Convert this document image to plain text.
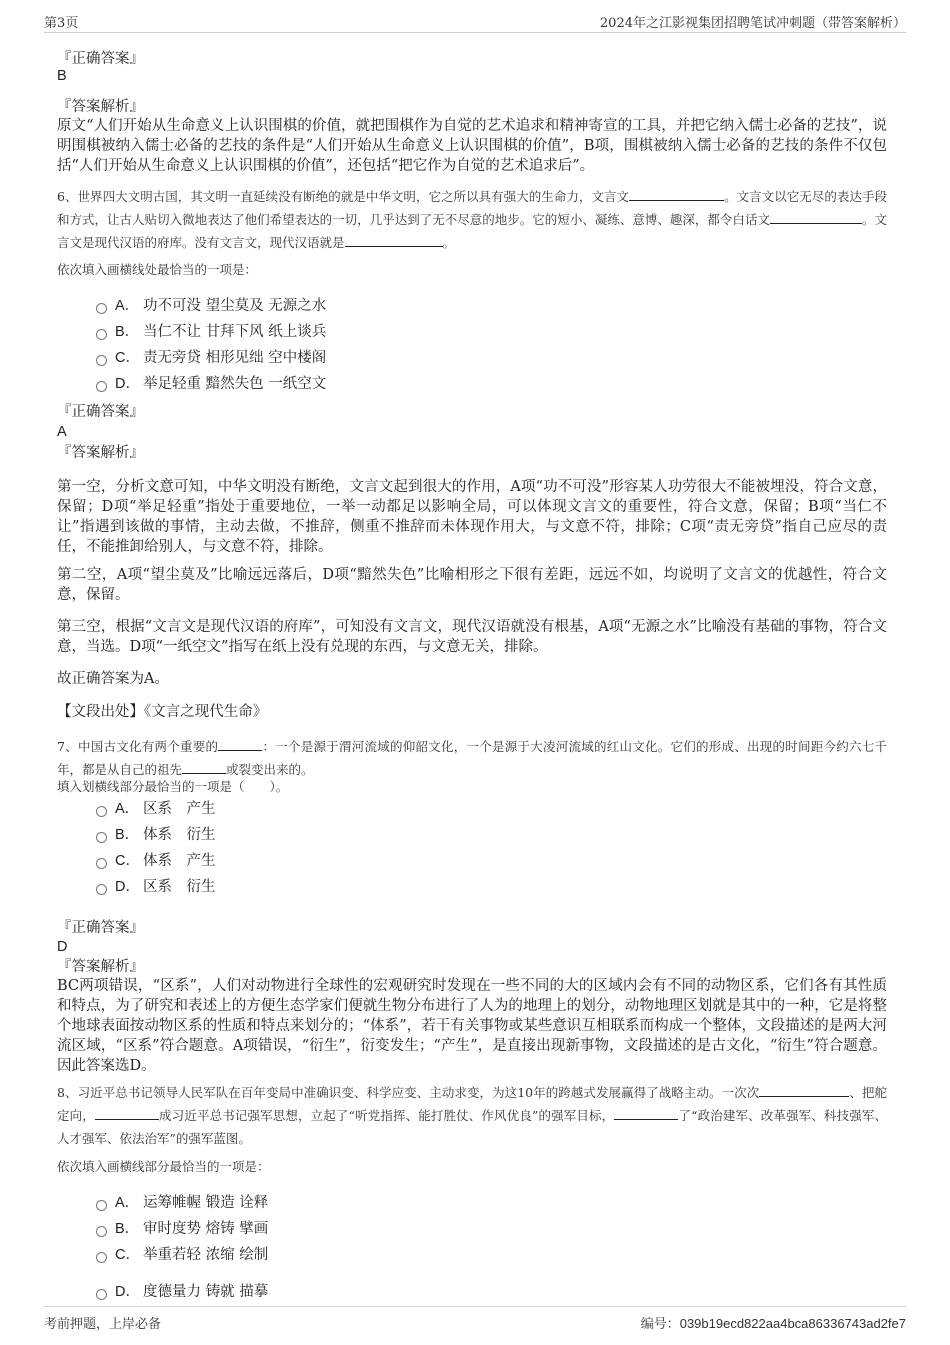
第3页	2024年之江影视集团招聘笔试冲刺题（带答案解析）
『正确答案』
B
『答案解析』
原文“人们开始从生命意义上认识围棋的价值，就把围棋作为自觉的艺术追求和精神寄宣的工具，并把它纳入儒士必备的艺技”，说明围棋被纳入儒士必备的艺技的条件是“人们开始从生命意义上认识围棋的价值”，B项，围棋被纳入儒士必备的艺技的条件不仅包括“人们开始从生命意义上认识围棋的价值”，还包括“把它作为自觉的艺术追求后”。
6、世界四大文明古国，其文明一直延续没有断绝的就是中华文明，它之所以具有强大的生命力，文言文	。文言文以它无尽的表达手段和方式，让古人贴切入微地表达了他们希望表达的一切，几乎达到了无不尽意的地步。它的短小、凝练、意博、趣深，都令白话文	。文言文是现代汉语的府库。没有文言文，现代汉语就是	。
依次填入画横线处最恰当的一项是：
A． 功不可没 望尘莫及 无源之水
B． 当仁不让 甘拜下风 纸上谈兵
C． 责无旁贷 相形见绌 空中楼阁
D． 举足轻重 黯然失色 一纸空文
『正确答案』
A
『答案解析』
第一空，分析文意可知，中华文明没有断绝，文言文起到很大的作用，A项“功不可没”形容某人功劳很大不能被埋没，符合文意，保留；D项“举足轻重”指处于重要地位，一举一动都足以影响全局，可以体现文言文的重要性，符合文意，保留；B项“当仁不让”指遇到该做的事情，主动去做，不推辞，侧重不推辞而未体现作用大，与文意不符，排除；C项“责无旁贷”指自己应尽的责任，不能推卸给别人，与文意不符，排除。
第二空，A项“望尘莫及”比喻远远落后，D项“黯然失色”比喻相形之下很有差距，远远不如，均说明了文言文的优越性，符合文意，保留。
第三空，根据“文言文是现代汉语的府库”，可知没有文言文，现代汉语就没有根基，A项“无源之水”比喻没有基础的事物，符合文意，当选。D项“一纸空文”指写在纸上没有兑现的东西，与文意无关，排除。
故正确答案为A。
【文段出处】《文言之现代生命》
7、中国古文化有两个重要的	：一个是源于渭河流域的仰韶文化，一个是源于大凌河流域的红山文化。它们的形成、出现的时间距今约六七千年，都是从自己的祖先	或裂变出来的。
填入划横线部分最恰当的一项是（　　）。
A． 区系　产生
B． 体系　衍生
C． 体系　产生
D． 区系　衍生
『正确答案』
D
『答案解析』
BC两项错误，“区系”，人们对动物进行全球性的宏观研究时发现在一些不同的大的区域内会有不同的动物区系，它们各有其性质和特点，为了研究和表述上的方便生态学家们便就生物分布进行了人为的地理上的划分，动物地理区划就是其中的一种，它是将整个地球表面按动物区系的性质和特点来划分的；“体系”，若干有关事物或某些意识互相联系而构成一个整体，文段描述的是两大河流区域，“区系”符合题意。A项错误，“衍生”，衍变发生；“产生”，是直接出现新事物，文段描述的是古文化，“衍生”符合题意。因此答案选D。
8、习近平总书记领导人民军队在百年变局中准确识变、科学应变、主动求变，为这10年的跨越式发展赢得了战略主动。一次次	、把舵定向，	成习近平总书记强军思想，立起了“听党指挥、能打胜仗、作风优良”的强军目标，	了“政治建军、改革强军、科技强军、人才强军、依法治军”的强军蓝图。
依次填入画横线部分最恰当的一项是：
A． 运筹帷幄 锻造 诠释
B． 审时度势 熔铸 擘画
C． 举重若轻 浓缩 绘制
D． 度德量力 铸就 描摹
考前押题，上岸必备	编号：039b19ecd822aa4bca86336743ad2fe7
